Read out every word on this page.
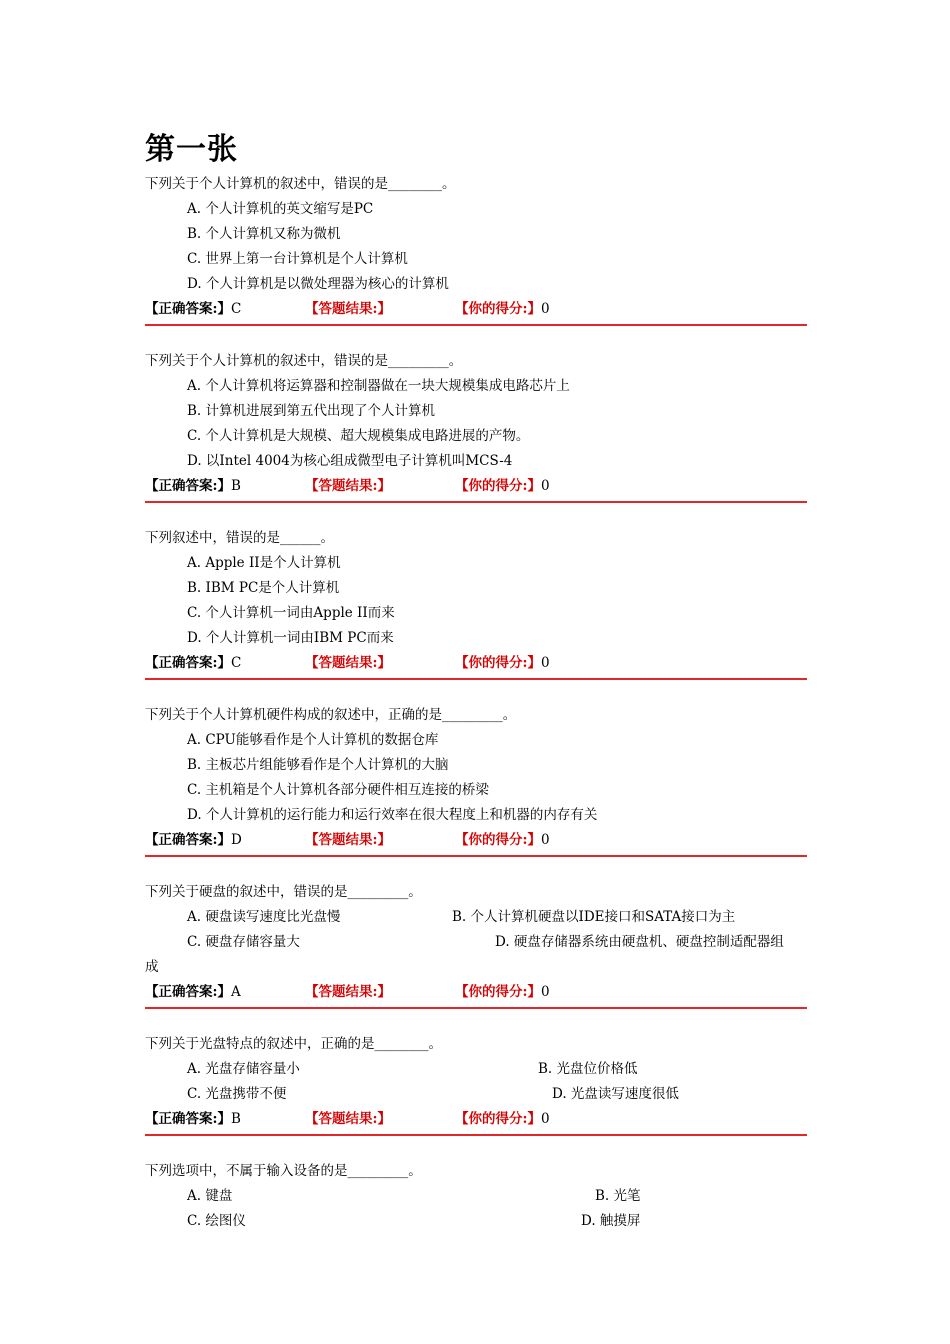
第一张
下列关于个人计算机的叙述中，错误的是________。
A. 个人计算机的英文缩写是PC
B. 个人计算机又称为微机
C. 世界上第一台计算机是个人计算机
D. 个人计算机是以微处理器为核心的计算机
【正确答案:】C	【答题结果:】	【你的得分:】0
下列关于个人计算机的叙述中，错误的是_________。
A. 个人计算机将运算器和控制器做在一块大规模集成电路芯片上
B. 计算机进展到第五代出现了个人计算机
C. 个人计算机是大规模、超大规模集成电路进展的产物。
D. 以Intel 4004为核心组成微型电子计算机叫MCS-4
【正确答案:】B	【答题结果:】	【你的得分:】0
下列叙述中，错误的是______。
A. Apple II是个人计算机
B. IBM PC是个人计算机
C. 个人计算机一词由Apple II而来
D. 个人计算机一词由IBM PC而来
【正确答案:】C	【答题结果:】	【你的得分:】0
下列关于个人计算机硬件构成的叙述中，正确的是_________。
A. CPU能够看作是个人计算机的数据仓库
B. 主板芯片组能够看作是个人计算机的大脑
C. 主机箱是个人计算机各部分硬件相互连接的桥梁
D. 个人计算机的运行能力和运行效率在很大程度上和机器的内存有关
【正确答案:】D	【答题结果:】	【你的得分:】0
下列关于硬盘的叙述中，错误的是_________。
A. 硬盘读写速度比光盘慢	B. 个人计算机硬盘以IDE接口和SATA接口为主
C. 硬盘存储容量大	D. 硬盘存储器系统由硬盘机、硬盘控制适配器组
成
【正确答案:】A	【答题结果:】	【你的得分:】0
下列关于光盘特点的叙述中，正确的是________。
A. 光盘存储容量小	B. 光盘位价格低
C. 光盘携带不便	D. 光盘读写速度很低
【正确答案:】B	【答题结果:】	【你的得分:】0
下列选项中，不属于输入设备的是_________。
A. 键盘	B. 光笔
C. 绘图仪	D. 触摸屏
